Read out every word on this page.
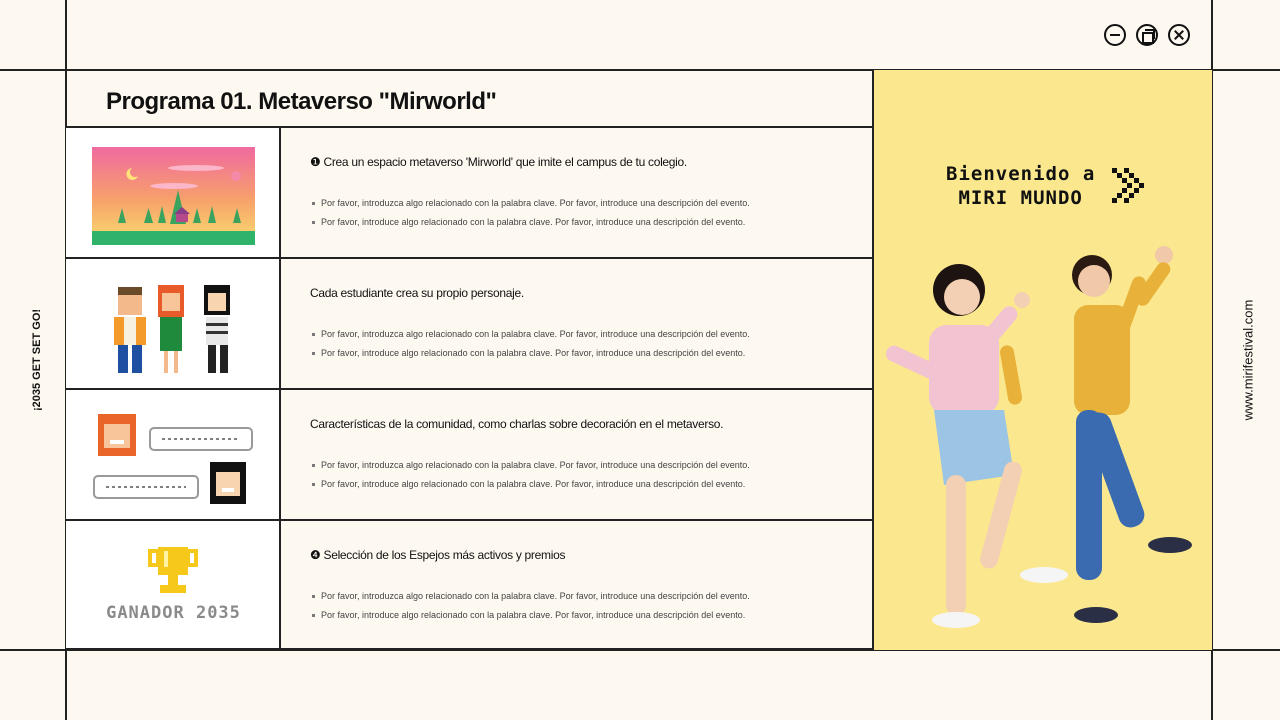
¡2035 GET SET GO!	www.mirifestival.com
Programa 01. Metaverso "Mirworld"
❶ Crea un espacio metaverso 'Mirworld' que imite el campus de tu colegio.
Por favor, introduzca algo relacionado con la palabra clave. Por favor, introduce una descripción del evento.
Por favor, introduce algo relacionado con la palabra clave. Por favor, introduce una descripción del evento.
Cada estudiante crea su propio personaje.
Por favor, introduzca algo relacionado con la palabra clave. Por favor, introduce una descripción del evento.
Por favor, introduce algo relacionado con la palabra clave. Por favor, introduce una descripción del evento.
Características de la comunidad, como charlas sobre decoración en el metaverso.
Por favor, introduzca algo relacionado con la palabra clave. Por favor, introduce una descripción del evento.
Por favor, introduce algo relacionado con la palabra clave. Por favor, introduce una descripción del evento.
GANADOR 2035
❹ Selección de los Espejos más activos y premios
Por favor, introduzca algo relacionado con la palabra clave. Por favor, introduce una descripción del evento.
Por favor, introduce algo relacionado con la palabra clave. Por favor, introduce una descripción del evento.
Bienvenido a
MIRI MUNDO
